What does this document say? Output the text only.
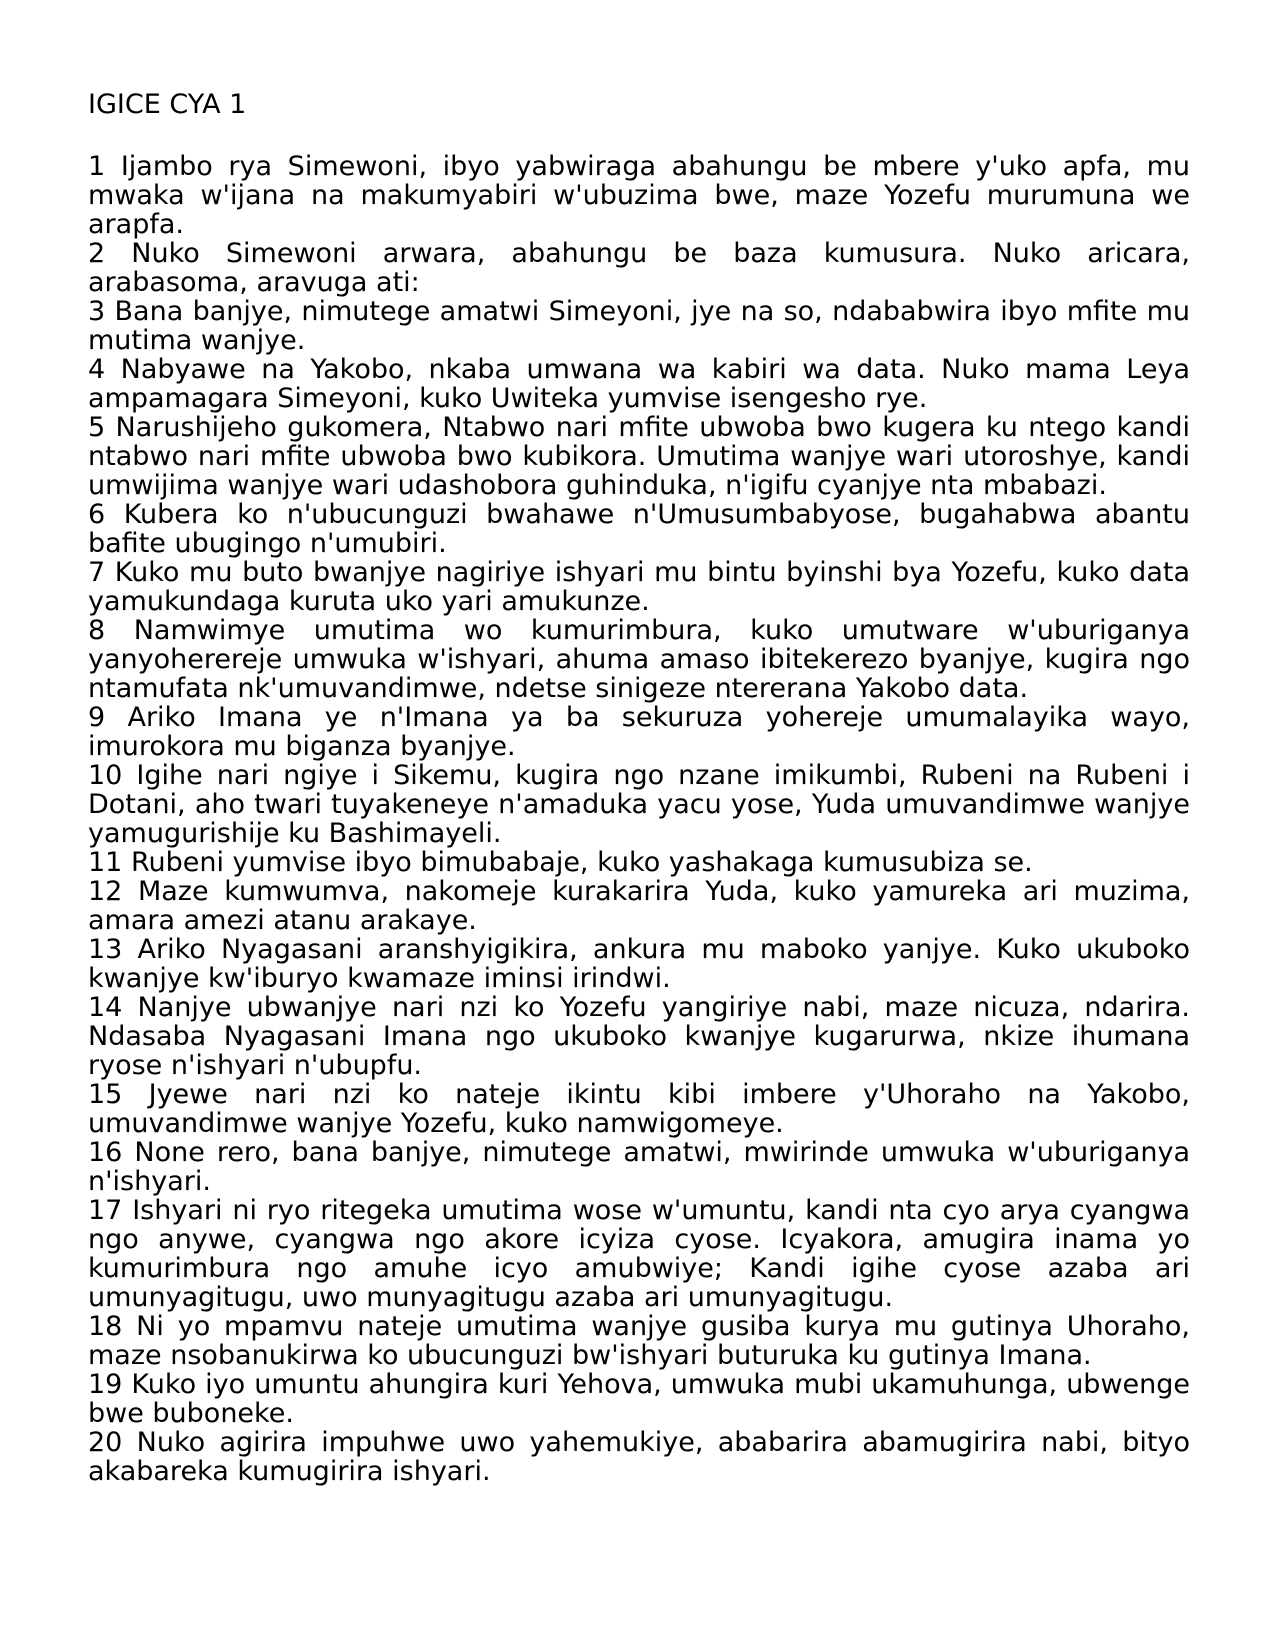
IGICE CYA 1

1 Ijambo rya Simewoni, ibyo yabwiraga abahungu be mbere y'uko apfa, mu mwaka w'ijana na makumyabiri w'ubuzima bwe, maze Yozefu murumuna we arapfa.

2 Nuko Simewoni arwara, abahungu be baza kumusura. Nuko aricara, arabasoma, aravuga ati:

3 Bana banjye, nimutege amatwi Simeyoni, jye na so, ndababwira ibyo mfite mu mutima wanjye.

4 Nabyawe na Yakobo, nkaba umwana wa kabiri wa data. Nuko mama Leya ampamagara Simeyoni, kuko Uwiteka yumvise isengesho rye.

5 Narushijeho gukomera, Ntabwo nari mfite ubwoba bwo kugera ku ntego kandi ntabwo nari mfite ubwoba bwo kubikora. Umutima wanjye wari utoroshye, kandi umwijima wanjye wari udashobora guhinduka, n'igifu cyanjye nta mbabazi.

6 Kubera ko n'ubucunguzi bwahawe n'Umusumbabyose, bugahabwa abantu bafite ubugingo n'umubiri.

7 Kuko mu buto bwanjye nagiriye ishyari mu bintu byinshi bya Yozefu, kuko data yamukundaga kuruta uko yari amukunze.

8 Namwimye umutima wo kumurimbura, kuko umutware w'uburiganya yanyoherereje umwuka w'ishyari, ahuma amaso ibitekerezo byanjye, kugira ngo ntamufata nk'umuvandimwe, ndetse sinigeze ntererana Yakobo data.

9 Ariko Imana ye n'Imana ya ba sekuruza yohereje umumalayika wayo, imurokora mu biganza byanjye.

10 Igihe nari ngiye i Sikemu, kugira ngo nzane imikumbi, Rubeni na Rubeni i Dotani, aho twari tuyakeneye n'amaduka yacu yose, Yuda umuvandimwe wanjye yamugurishije ku Bashimayeli.

11 Rubeni yumvise ibyo bimubabaje, kuko yashakaga kumusubiza se.

12 Maze kumwumva, nakomeje kurakarira Yuda, kuko yamureka ari muzima, amara amezi atanu arakaye.

13 Ariko Nyagasani aranshyigikira, ankura mu maboko yanjye. Kuko ukuboko kwanjye kw'iburyo kwamaze iminsi irindwi.

14 Nanjye ubwanjye nari nzi ko Yozefu yangiriye nabi, maze nicuza, ndarira. Ndasaba Nyagasani Imana ngo ukuboko kwanjye kugarurwa, nkize ihumana ryose n'ishyari n'ubupfu.

15 Jyewe nari nzi ko nateje ikintu kibi imbere y'Uhoraho na Yakobo, umuvandimwe wanjye Yozefu, kuko namwigomeye.

16 None rero, bana banjye, nimutege amatwi, mwirinde umwuka w'uburiganya n'ishyari.

17 Ishyari ni ryo ritegeka umutima wose w'umuntu, kandi nta cyo arya cyangwa ngo anywe, cyangwa ngo akore icyiza cyose. Icyakora, amugira inama yo kumurimbura ngo amuhe icyo amubwiye; Kandi igihe cyose azaba ari umunyagitugu, uwo munyagitugu azaba ari umunyagitugu.

18 Ni yo mpamvu nateje umutima wanjye gusiba kurya mu gutinya Uhoraho, maze nsobanukirwa ko ubucunguzi bw'ishyari buturuka ku gutinya Imana.

19 Kuko iyo umuntu ahungira kuri Yehova, umwuka mubi ukamuhunga, ubwenge bwe buboneke.

20 Nuko agirira impuhwe uwo yahemukiye, ababarira abamugirira nabi, bityo akabareka kumugirira ishyari.
